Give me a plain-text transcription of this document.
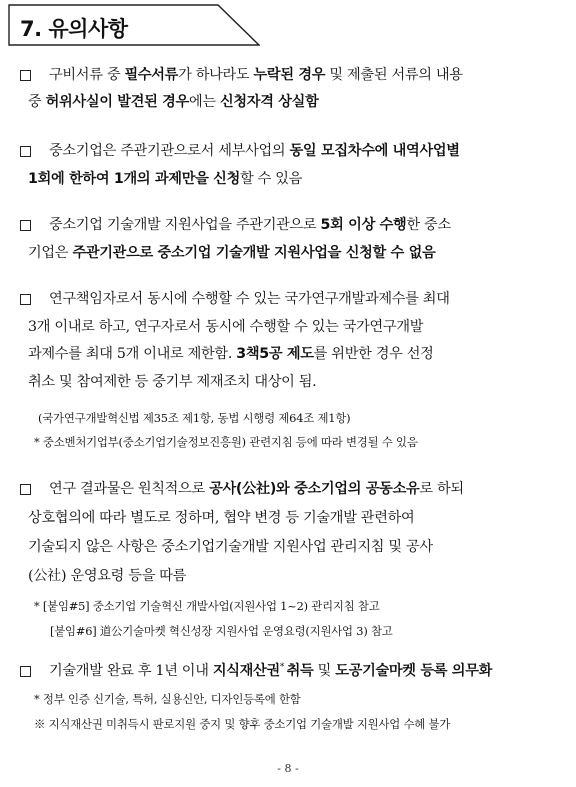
7. 유의사항
구비서류 중 필수서류가 하나라도 누락된 경우 및 제출된 서류의 내용
중 허위사실이 발견된 경우에는 신청자격 상실함
중소기업은 주관기관으로서 세부사업의 동일 모집차수에 내역사업별
1회에 한하여 1개의 과제만을 신청할 수 있음
중소기업 기술개발 지원사업을 주관기관으로 5회 이상 수행한 중소
기업은 주관기관으로 중소기업 기술개발 지원사업을 신청할 수 없음
연구책임자로서 동시에 수행할 수 있는 국가연구개발과제수를 최대
3개 이내로 하고, 연구자로서 동시에 수행할 수 있는 국가연구개발
과제수를 최대 5개 이내로 제한함. 3책5공 제도를 위반한 경우 선정
취소 및 참여제한 등 중기부 제재조치 대상이 됨.
(국가연구개발혁신법 제35조 제1항, 동법 시행령 제64조 제1항)
* 중소벤처기업부(중소기업기술정보진흥원) 관련지침 등에 따라 변경될 수 있음
연구 결과물은 원칙적으로 공사(公社)와 중소기업의 공동소유로 하되
상호협의에 따라 별도로 정하며, 협약 변경 등 기술개발 관련하여
기술되지 않은 사항은 중소기업기술개발 지원사업 관리지침 및 공사
(公社) 운영요령 등을 따름
* [붙임#5] 중소기업 기술혁신 개발사업(지원사업 1~2) 관리지침 참고
[붙임#6] 道公기술마켓 혁신성장 지원사업 운영요령(지원사업 3) 참고
기술개발 완료 후 1년 이내 지식재산권* 취득 및 도공기술마켓 등록 의무화
* 정부 인증 신기술, 특허, 실용신안, 디자인등록에 한함
※ 지식재산권 미취득시 판로지원 중지 및 향후 중소기업 기술개발 지원사업 수혜 불가
- 8 -
